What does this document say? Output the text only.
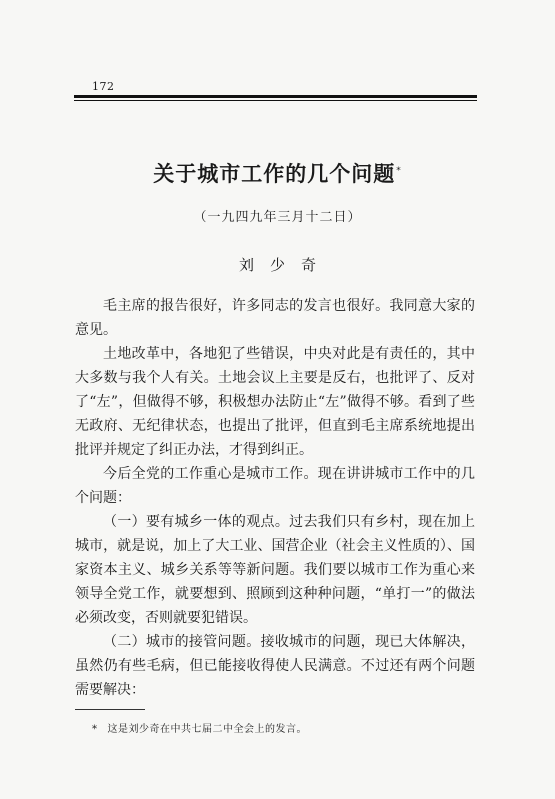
172
关于城市工作的几个问题*
（一九四九年三月十二日）
刘少奇

毛主席的报告很好，许多同志的发言也很好。我同意大家的意见。

土地改革中，各地犯了些错误，中央对此是有责任的，其中大多数与我个人有关。土地会议上主要是反右，也批评了、反对了“左”，但做得不够，积极想办法防止“左”做得不够。看到了些无政府、无纪律状态，也提出了批评，但直到毛主席系统地提出批评并规定了纠正办法，才得到纠正。

今后全党的工作重心是城市工作。现在讲讲城市工作中的几个问题：

（一）要有城乡一体的观点。过去我们只有乡村，现在加上城市，就是说，加上了大工业、国营企业（社会主义性质的）、国家资本主义、城乡关系等等新问题。我们要以城市工作为重心来领导全党工作，就要想到、照顾到这种种问题，“单打一”的做法必须改变，否则就要犯错误。

（二）城市的接管问题。接收城市的问题，现已大体解决，虽然仍有些毛病，但已能接收得使人民满意。不过还有两个问题需要解决：

* 这是刘少奇在中共七届二中全会上的发言。
